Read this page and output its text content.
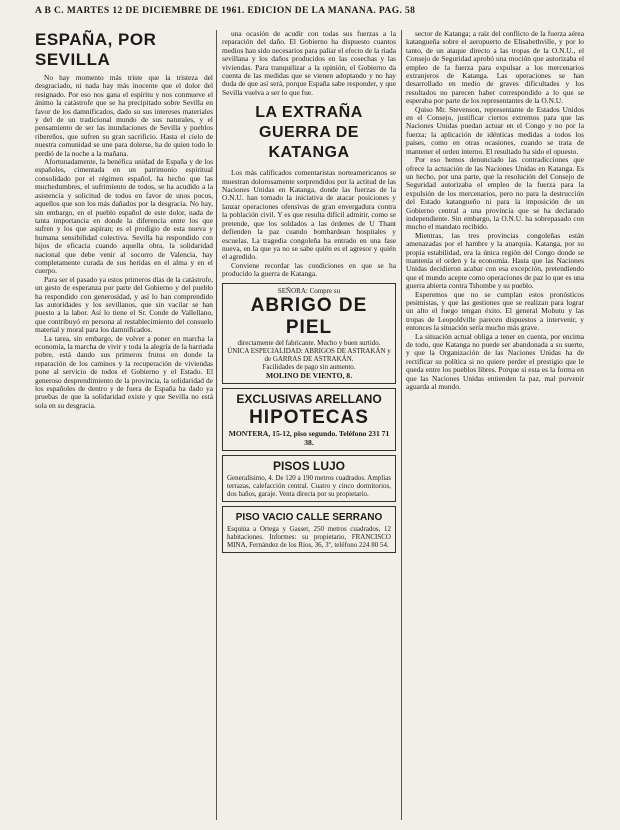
A B C. MARTES 12 DE DICIEMBRE DE 1961. EDICION DE LA MAÑANA. PAG. 58
ESPAÑA, POR SEVILLA

No hay momento más triste que la tristeza del desgraciado, ni nada hay más inocente que el dolor del resignado. Por eso nos gana el espíritu y nos conmueve el ánimo la catástrofe que se ha precipitado sobre Sevilla en favor de los damnificados, dado su sus intereses materiales y del de un tradicional mundo de sus naturales, y el pensamiento de ser las inundaciones de Sevilla y pueblos ribereños, que sufren su gran sacrificio. Hasta el cielo de nuestra comunidad se une para dolerse, ha de quien todo lo perdió de la noche a la mañana.

Afortunadamente, la benéfica unidad de España y de los españoles, cimentada en un patrimonio espiritual consolidado por el régimen español, ha hecho que las muchedumbres, el sufrimiento de todos, se ha acudido a la asistencia y solicitud de todos en favor de unos pocos, aquellos que son los más dañados por la desgracia. No hay, sin embargo, en el pueblo español de este dolor, nada de tanta importancia en donde la diferencia entre los que sufren y los que aspiran; es el prodigio de esta nueva y humana sensibilidad colectiva. Sevilla ha respondido con hijos de eficacia cuando aquella obra, la solidaridad nacional que debe venir al socorro de Valencia, hay completamente curada de sus heridas en el alma y en el cuerpo.

Para ser el pasado ya estos primeros días de la catástrofe, un gesto de esperanza por parte del Gobierno y del pueblo ha respondido con generosidad, y así lo han comprendido las autoridades y los sevillanos, que sin vacilar se han puesto a la labor. Así lo tiene el Sr. Conde de Vallellano, que contribuyó en persona al restablecimiento del consuelo material y moral para los damnificados.

La tarea, sin embargo, de volver a poner en marcha la economía, la marcha de vivir y toda la alegría de la barriada pobre, está dando sus primeros frutos en donde la reparación de los caminos y la recuperación de viviendas pone al servicio de todos el Gobierno y el Estado. El generoso desprendimiento de la provincia, la solidaridad de los españoles de dentro y de fuera de España ha dado ya pruebas de que la solidaridad existe y que Sevilla no está sola en su desgracia.

una ocasión de acudir con todas sus fuerzas a la reparación del daño. El Gobierno ha dispuesto cuantos medios han sido necesarios para paliar el efecto de la riada sevillana y los daños producidos en las cosechas y las viviendas. Para tranquilizar a la opinión, el Gobierno da cuenta de las medidas que se vienen adoptando y no hay duda de que así será, porque España sabe responder, y que Sevilla vuelva a ser lo que fue.

LA EXTRAÑA GUERRA DE KATANGA

Los más calificados comentaristas norteamericanos se muestran dolorosamente sorprendidos por la actitud de las Naciones Unidas en Katanga, donde las fuerzas de la O.N.U. han tomado la iniciativa de atacar posiciones y lanzar operaciones ofensivas de gran envergadura contra la población civil. Y es que resulta difícil admitir, como se pretende, que los soldados a las órdenes de U Thant defienden la paz cuando bombardean hospitales y escuelas. La tragedia congoleña ha entrado en una fase nueva, en la que ya no se sabe quién es el agresor y quién el agredido.

Conviene recordar las condiciones en que se ha producido la guerra de Katanga.

SEÑORA: Compre su
ABRIGO DE PIEL
directamente del fabricante. Mucho y buen surtido.
ÚNICA ESPECIALIDAD: ABRIGOS DE ASTRAKÁN y de GARRAS DE ASTRAKÁN.
Facilidades de pago sin aumento.
MOLINO DE VIENTO, 8.
EXCLUSIVAS ARELLANO
HIPOTECAS
MONTERA, 15-12, piso segundo. Teléfono 231 71 38.
PISOS LUJO
Generalísimo, 4. De 120 a 190 metros cuadrados. Amplias terrazas, calefacción central. Cuatro y cinco dormitorios, dos baños, garaje. Venta directa por su propietario.
PISO VACIO CALLE SERRANO
Esquina a Ortega y Gasset, 250 metros cuadrados, 12 habitaciones. Informes: su propietario, FRANCISCO MINA, Fernández de los Ríos, 36, 3º, teléfono 224 80 54.

sector de Katanga; a raíz del conflicto de la fuerza aérea katangueña sobre el aeropuerto de Elisabethville, y por lo tanto, de un ataque directo a las tropas de la O.N.U., el Consejo de Seguridad aprobó una moción que autorizaba el empleo de la fuerza para expulsar a los mercenarios extranjeros de Katanga. Las operaciones se han desarrollado en medio de graves dificultades y los resultados no parecen haber correspondido a lo que se esperaba por parte de los representantes de la O.N.U.

Quiso Mr. Stevenson, representante de Estados Unidos en el Consejo, justificar ciertos extremos para que las Naciones Unidas puedan actuar en el Congo y no por la fuerza; la aplicación de idénticas medidas a todos los países, como en otras ocasiones, cuando se trata de mantener el orden interno. El resultado ha sido el opuesto.

Por eso hemos denunciado las contradicciones que ofrece la actuación de las Naciones Unidas en Katanga. Es un hecho, por una parte, que la resolución del Consejo de Seguridad autorizaba el empleo de la fuerza para la expulsión de los mercenarios, pero no para la destrucción del Estado katangueño ni para la imposición de un Gobierno central a una provincia que se ha declarado independiente. Sin embargo, la O.N.U. ha sobrepasado con mucho el mandato recibido.

Mientras, las tres provincias congoleñas están amenazadas por el hambre y la anarquía. Katanga, por su propia estabilidad, era la única región del Congo donde se mantenía el orden y la economía. Hasta que las Naciones Unidas decidieron acabar con esa excepción, pretendiendo que el mundo acepte como operaciones de paz lo que es una guerra abierta contra Tshombe y su pueblo.

Esperemos que no se cumplan estos pronósticos pesimistas, y que las gestiones que se realizan para lograr un alto el fuego tengan éxito. El general Mobutu y las tropas de Leopoldville parecen dispuestos a intervenir, y entonces la situación sería mucho más grave.

La situación actual obliga a tener en cuenta, por encima de todo, que Katanga no puede ser abandonada a su suerte, y que la Organización de las Naciones Unidas ha de rectificar su política si no quiere perder el prestigio que le queda entre los pueblos libres. Porque si esta es la forma en que las Naciones Unidas entienden la paz, mal porvenir aguarda al mundo.
